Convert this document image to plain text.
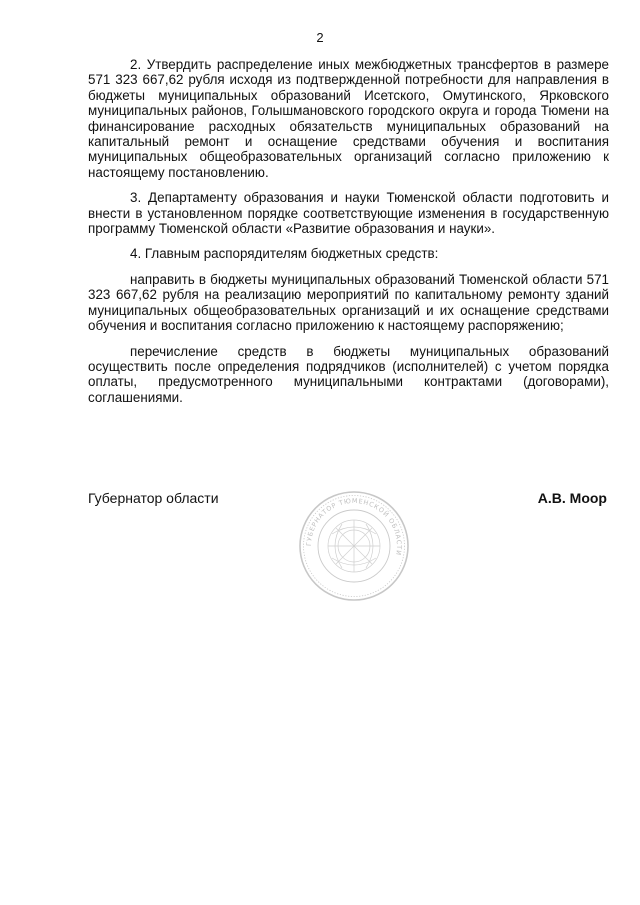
2

2. Утвердить распределение иных межбюджетных трансфертов в размере 571 323 667,62 рубля исходя из подтвержденной потребности для направления в бюджеты муниципальных образований Исетского, Омутинского, Ярковского муниципальных районов, Голышмановского городского округа и города Тюмени на финансирование расходных обязательств муниципальных образований на капитальный ремонт и оснащение средствами обучения и воспитания муниципальных общеобразовательных организаций согласно приложению к настоящему постановлению.

3. Департаменту образования и науки Тюменской области подготовить и внести в установленном порядке соответствующие изменения в государственную программу Тюменской области «Развитие образования и науки».

4. Главным распорядителям бюджетных средств:

направить в бюджеты муниципальных образований Тюменской области 571 323 667,62 рубля на реализацию мероприятий по капитальному ремонту зданий муниципальных общеобразовательных организаций и их оснащение средствами обучения и воспитания согласно приложению к настоящему распоряжению;

перечисление средств в бюджеты муниципальных образований осуществить после определения подрядчиков (исполнителей) с учетом порядка оплаты, предусмотренного муниципальными контрактами (договорами), соглашениями.

Губернатор области
ГУБЕРНАТОР ТЮМЕНСКОЙ ОБЛАСТИ
А.В. Моор
